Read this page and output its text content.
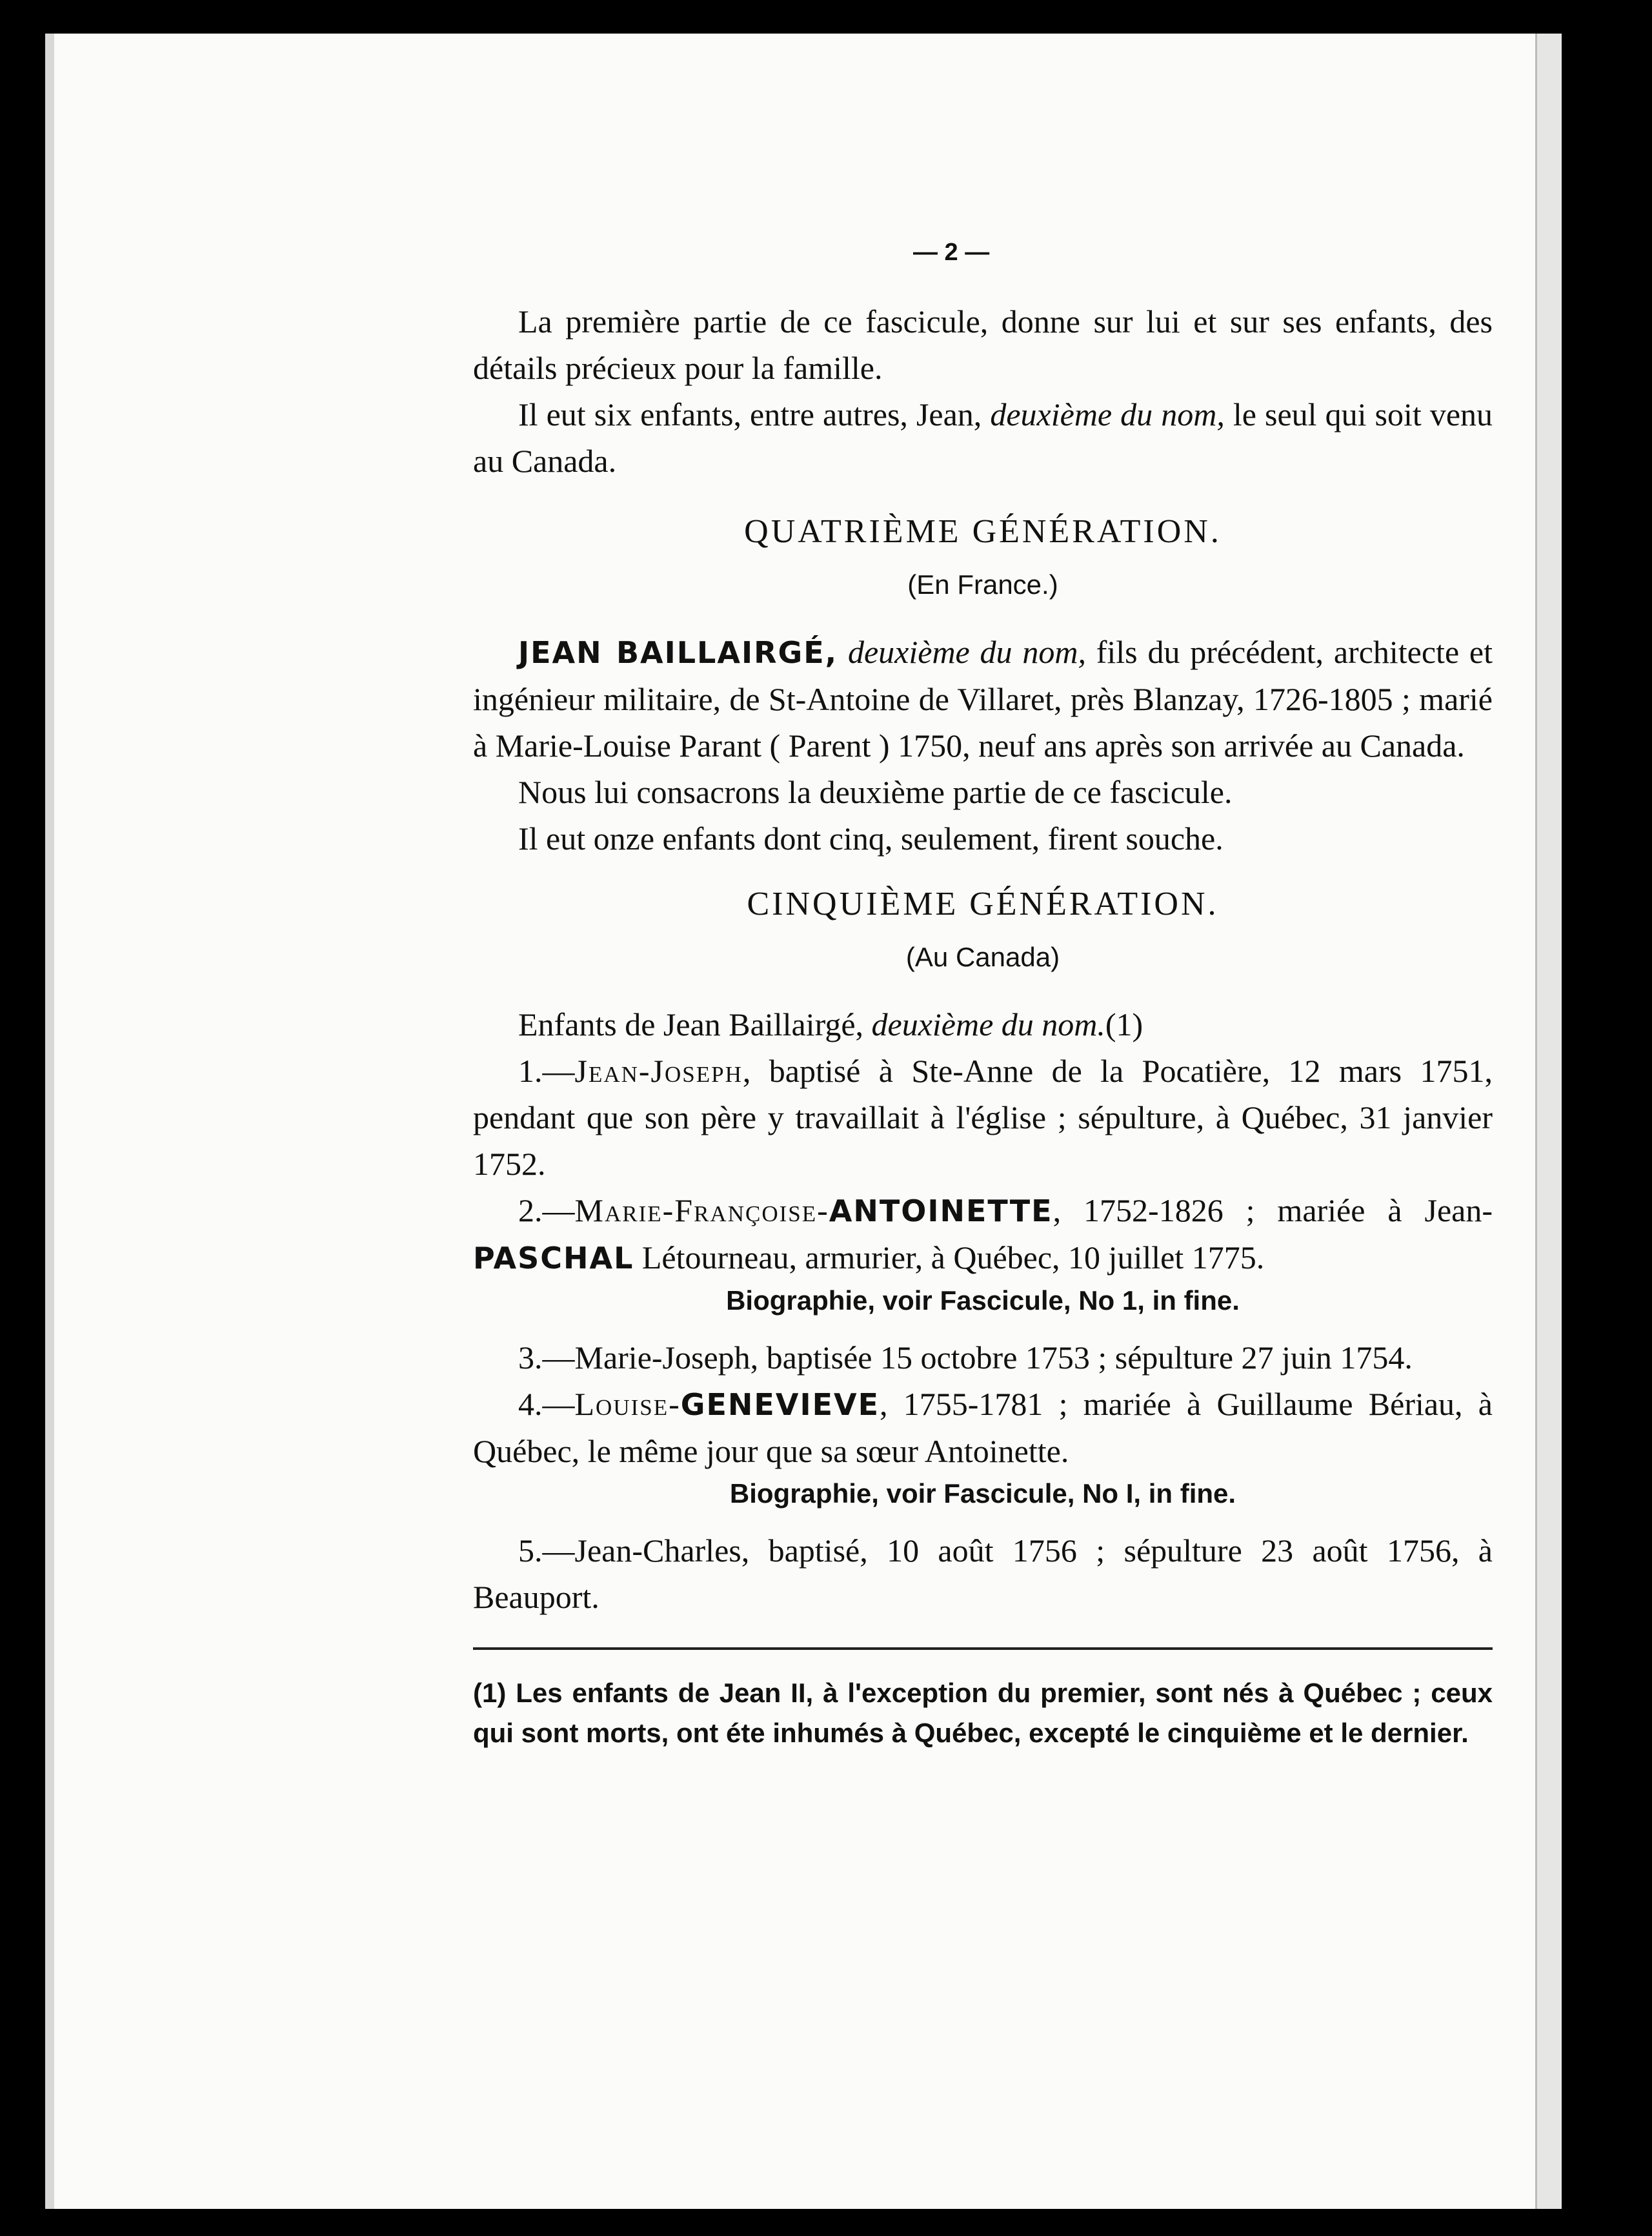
— 2 —

La première partie de ce fascicule, donne sur lui et sur ses enfants, des détails précieux pour la famille.

Il eut six enfants, entre autres, Jean, deuxième du nom, le seul qui soit venu au Canada.

QUATRIÈME GÉNÉRATION.
(En France.)

JEAN BAILLAIRGÉ, deuxième du nom, fils du précédent, architecte et ingénieur militaire, de St-Antoine de Villaret, près Blanzay, 1726-1805 ; marié à Marie-Louise Parant ( Parent ) 1750, neuf ans après son arrivée au Canada.

Nous lui consacrons la deuxième partie de ce fascicule.

Il eut onze enfants dont cinq, seulement, firent souche.

CINQUIÈME GÉNÉRATION.
(Au Canada)

Enfants de Jean Baillairgé, deuxième du nom.(1)

1.—Jean-Joseph, baptisé à Ste-Anne de la Pocatière, 12 mars 1751, pendant que son père y travaillait à l'église ; sépulture, à Québec, 31 janvier 1752.

2.—Marie-Françoise-ANTOINETTE, 1752-1826 ; mariée à Jean-PASCHAL Létourneau, armurier, à Québec, 10 juillet 1775.

Biographie, voir Fascicule, No 1, in fine.

3.—Marie-Joseph, baptisée 15 octobre 1753 ; sépulture 27 juin 1754.

4.—Louise-GENEVIEVE, 1755-1781 ; mariée à Guillaume Bériau, à Québec, le même jour que sa sœur Antoinette.

Biographie, voir Fascicule, No I, in fine.

5.—Jean-Charles, baptisé, 10 août 1756 ; sépulture 23 août 1756, à Beauport.

(1) Les enfants de Jean II, à l'exception du premier, sont nés à Québec ; ceux qui sont morts, ont éte inhumés à Québec, excepté le cinquième et le dernier.
